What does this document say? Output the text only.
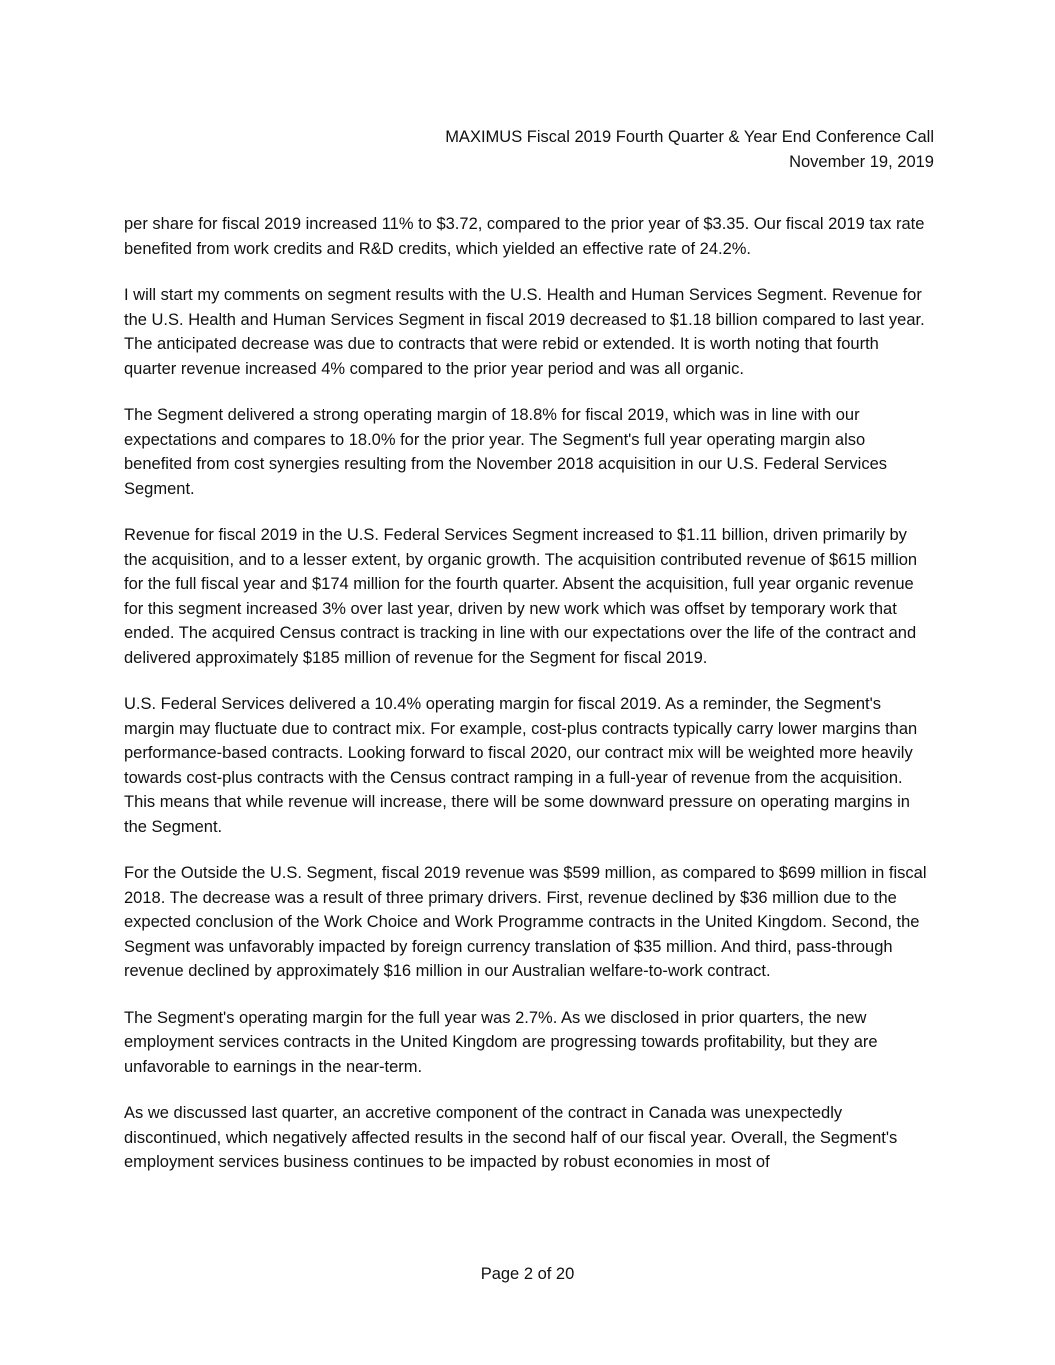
MAXIMUS Fiscal 2019 Fourth Quarter & Year End Conference Call
November 19, 2019

per share for fiscal 2019 increased 11% to $3.72, compared to the prior year of $3.35. Our fiscal 2019 tax rate benefited from work credits and R&D credits, which yielded an effective rate of 24.2%.

I will start my comments on segment results with the U.S. Health and Human Services Segment. Revenue for the U.S. Health and Human Services Segment in fiscal 2019 decreased to $1.18 billion compared to last year. The anticipated decrease was due to contracts that were rebid or extended. It is worth noting that fourth quarter revenue increased 4% compared to the prior year period and was all organic.

The Segment delivered a strong operating margin of 18.8% for fiscal 2019, which was in line with our expectations and compares to 18.0% for the prior year. The Segment's full year operating margin also benefited from cost synergies resulting from the November 2018 acquisition in our U.S. Federal Services Segment.

Revenue for fiscal 2019 in the U.S. Federal Services Segment increased to $1.11 billion, driven primarily by the acquisition, and to a lesser extent, by organic growth. The acquisition contributed revenue of $615 million for the full fiscal year and $174 million for the fourth quarter. Absent the acquisition, full year organic revenue for this segment increased 3% over last year, driven by new work which was offset by temporary work that ended. The acquired Census contract is tracking in line with our expectations over the life of the contract and delivered approximately $185 million of revenue for the Segment for fiscal 2019.

U.S. Federal Services delivered a 10.4% operating margin for fiscal 2019. As a reminder, the Segment's margin may fluctuate due to contract mix. For example, cost-plus contracts typically carry lower margins than performance-based contracts. Looking forward to fiscal 2020, our contract mix will be weighted more heavily towards cost-plus contracts with the Census contract ramping in a full-year of revenue from the acquisition. This means that while revenue will increase, there will be some downward pressure on operating margins in the Segment.

For the Outside the U.S. Segment, fiscal 2019 revenue was $599 million, as compared to $699 million in fiscal 2018. The decrease was a result of three primary drivers. First, revenue declined by $36 million due to the expected conclusion of the Work Choice and Work Programme contracts in the United Kingdom. Second, the Segment was unfavorably impacted by foreign currency translation of $35 million. And third, pass-through revenue declined by approximately $16 million in our Australian welfare-to-work contract.

The Segment's operating margin for the full year was 2.7%. As we disclosed in prior quarters, the new employment services contracts in the United Kingdom are progressing towards profitability, but they are unfavorable to earnings in the near-term.

As we discussed last quarter, an accretive component of the contract in Canada was unexpectedly discontinued, which negatively affected results in the second half of our fiscal year. Overall, the Segment's employment services business continues to be impacted by robust economies in most of

Page 2 of 20
